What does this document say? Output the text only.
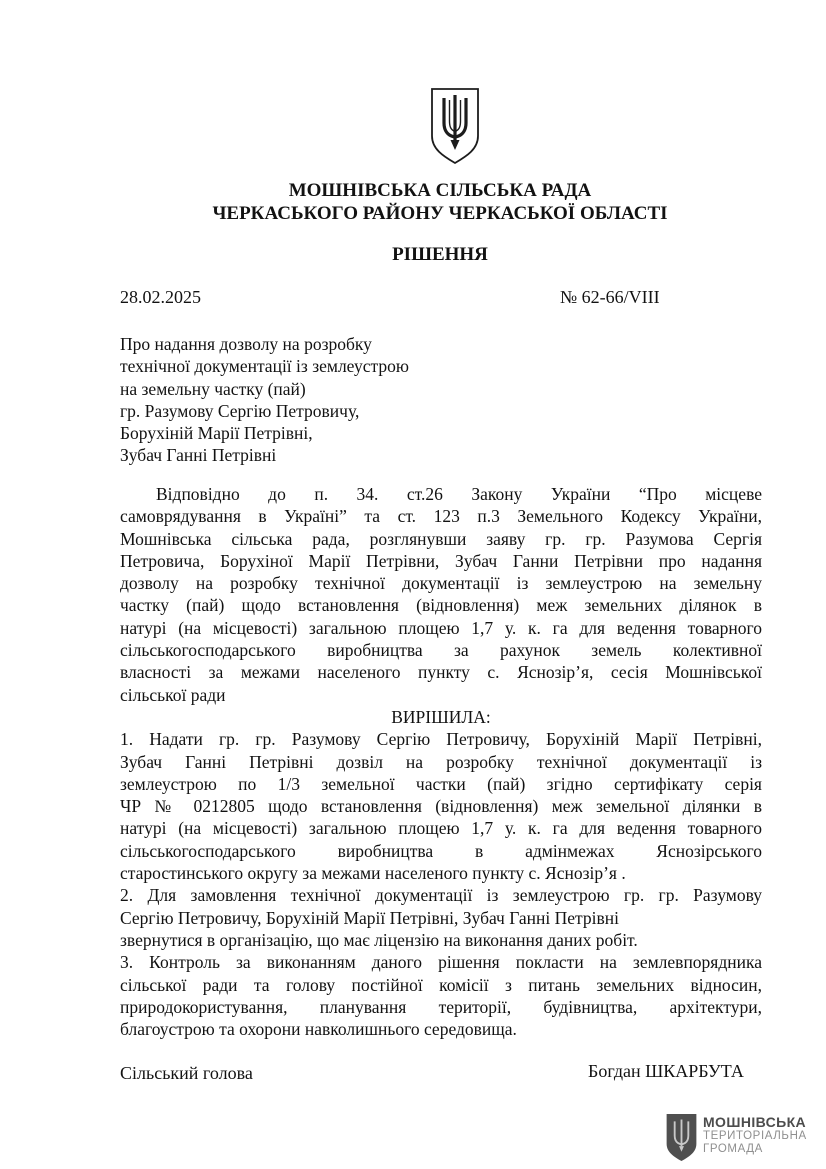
МОШНІВСЬКА СІЛЬСЬКА РАДА
ЧЕРКАСЬКОГО РАЙОНУ ЧЕРКАСЬКОЇ ОБЛАСТІ
РІШЕННЯ
28.02.2025	№ 62-66/VIII
Про надання дозволу на розробку
технічної документації із землеустрою
на земельну частку (пай)
гр. Разумову Сергію Петровичу,
Борухіній Марії Петрівні,
Зубач Ганні Петрівні
Відповідно до п. 34. ст.26 Закону України “Про місцеве
самоврядування в Україні” та ст. 123 п.3 Земельного Кодексу України,
Мошнівська сільська рада, розглянувши заяву гр. гр. Разумова Сергія
Петровича, Борухіної Марії Петрівни, Зубач Ганни Петрівни про надання
дозволу на розробку технічної документації із землеустрою на земельну
частку (пай) щодо встановлення (відновлення) меж земельних ділянок в
натурі (на місцевості) загальною площею 1,7 у. к. га для ведення товарного
сільськогосподарського виробництва за рахунок земель колективної
власності за межами населеного пункту с. Яснозір’я, сесія Мошнівської
сільської ради
ВИРІШИЛА:
1. Надати гр. гр. Разумову Сергію Петровичу, Борухіній Марії Петрівні,
Зубач Ганні Петрівні дозвіл на розробку технічної документації із
землеустрою по 1/3 земельної частки (пай) згідно сертифікату серія
ЧР № 0212805 щодо встановлення (відновлення) меж земельної ділянки в
натурі (на місцевості) загальною площею 1,7 у. к. га для ведення товарного
сільськогосподарського виробництва в адмінмежах Яснозірського
старостинського округу за межами населеного пункту с. Яснозір’я .
2. Для замовлення технічної документації із землеустрою гр. гр. Разумову
Сергію Петровичу, Борухіній Марії Петрівні, Зубач Ганні Петрівні
звернутися в організацію, що має ліцензію на виконання даних робіт.
3. Контроль за виконанням даного рішення покласти на землевпорядника
сільської ради та голову постійної комісії з питань земельних відносин,
природокористування, планування території, будівництва, архітектури,
благоустрою та охорони навколишнього середовища.
Сільський голова	Богдан ШКАРБУТА
МОШНІВСЬКА
ТЕРИТОРІАЛЬНА
ГРОМАДА
